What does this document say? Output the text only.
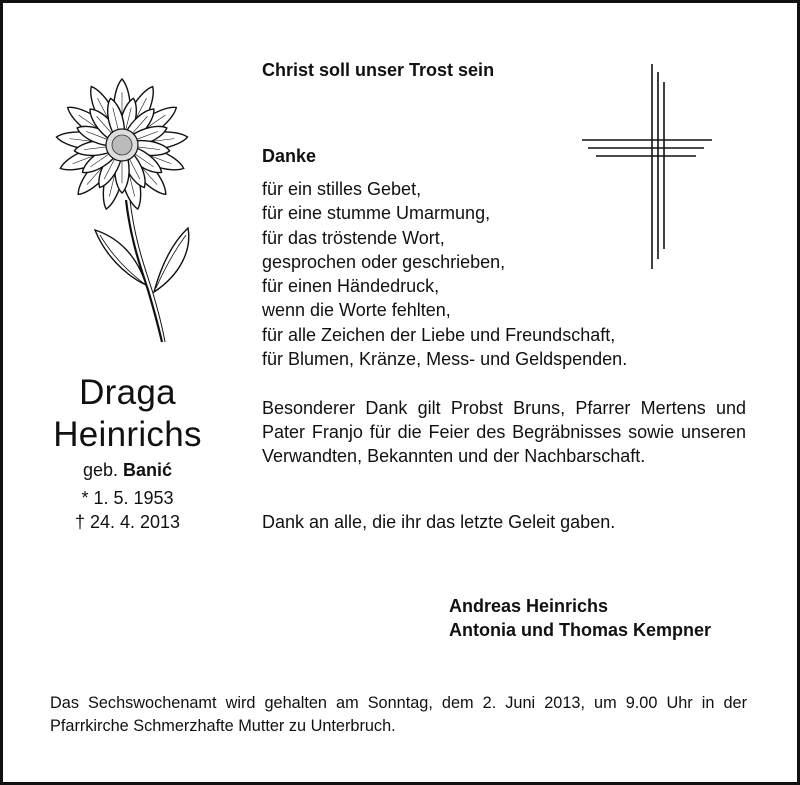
Draga
Heinrichs
geb. Banić
* 1. 5. 1953
† 24. 4. 2013
Christ soll unser Trost sein
Danke
für ein stilles Gebet,
für eine stumme Umarmung,
für das tröstende Wort,
gesprochen oder geschrieben,
für einen Händedruck,
wenn die Worte fehlten,
für alle Zeichen der Liebe und Freundschaft,
für Blumen, Kränze, Mess- und Geldspenden.
Besonderer Dank gilt Probst Bruns, Pfarrer Mertens und Pater Franjo für die Feier des Begräbnisses sowie unseren Verwandten, Bekannten und der Nachbarschaft.
Dank an alle, die ihr das letzte Geleit gaben.
Andreas Heinrichs
Antonia und Thomas Kempner
Das Sechswochenamt wird gehalten am Sonntag, dem 2. Juni 2013, um 9.00 Uhr in der Pfarrkirche Schmerzhafte Mutter zu Unterbruch.
